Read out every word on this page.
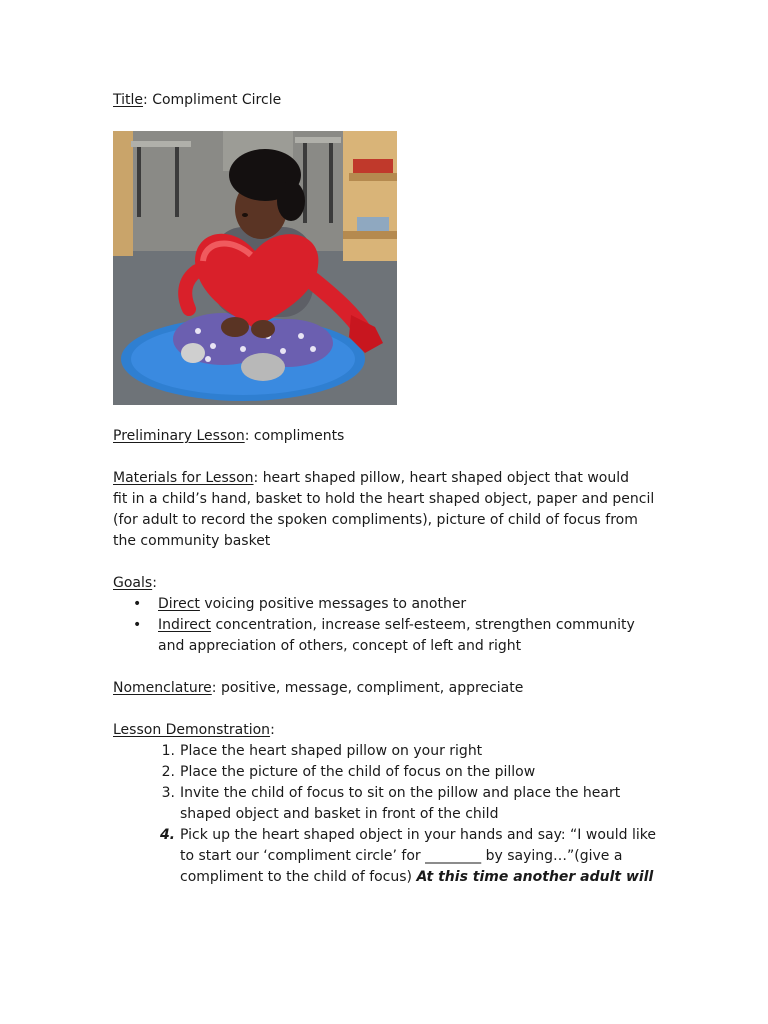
Title: Compliment Circle
Preliminary Lesson: compliments
Materials for Lesson: heart shaped pillow, heart shaped object that would
fit in a child’s hand, basket to hold the heart shaped object, paper and pencil
(for adult to record the spoken compliments), picture of child of focus from
the community basket
Goals:
• Direct voicing positive messages to another
• Indirect concentration, increase self-esteem, strengthen community
and appreciation of others, concept of left and right
Nomenclature: positive, message, compliment, appreciate
Lesson Demonstration:
1. Place the heart shaped pillow on your right
2. Place the picture of the child of focus on the pillow
3. Invite the child of focus to sit on the pillow and place the heart
shaped object and basket in front of the child
4. Pick up the heart shaped object in your hands and say: “I would like
to start our ‘compliment circle’ for ________ by saying…”(give a
compliment to the child of focus) At this time another adult will
